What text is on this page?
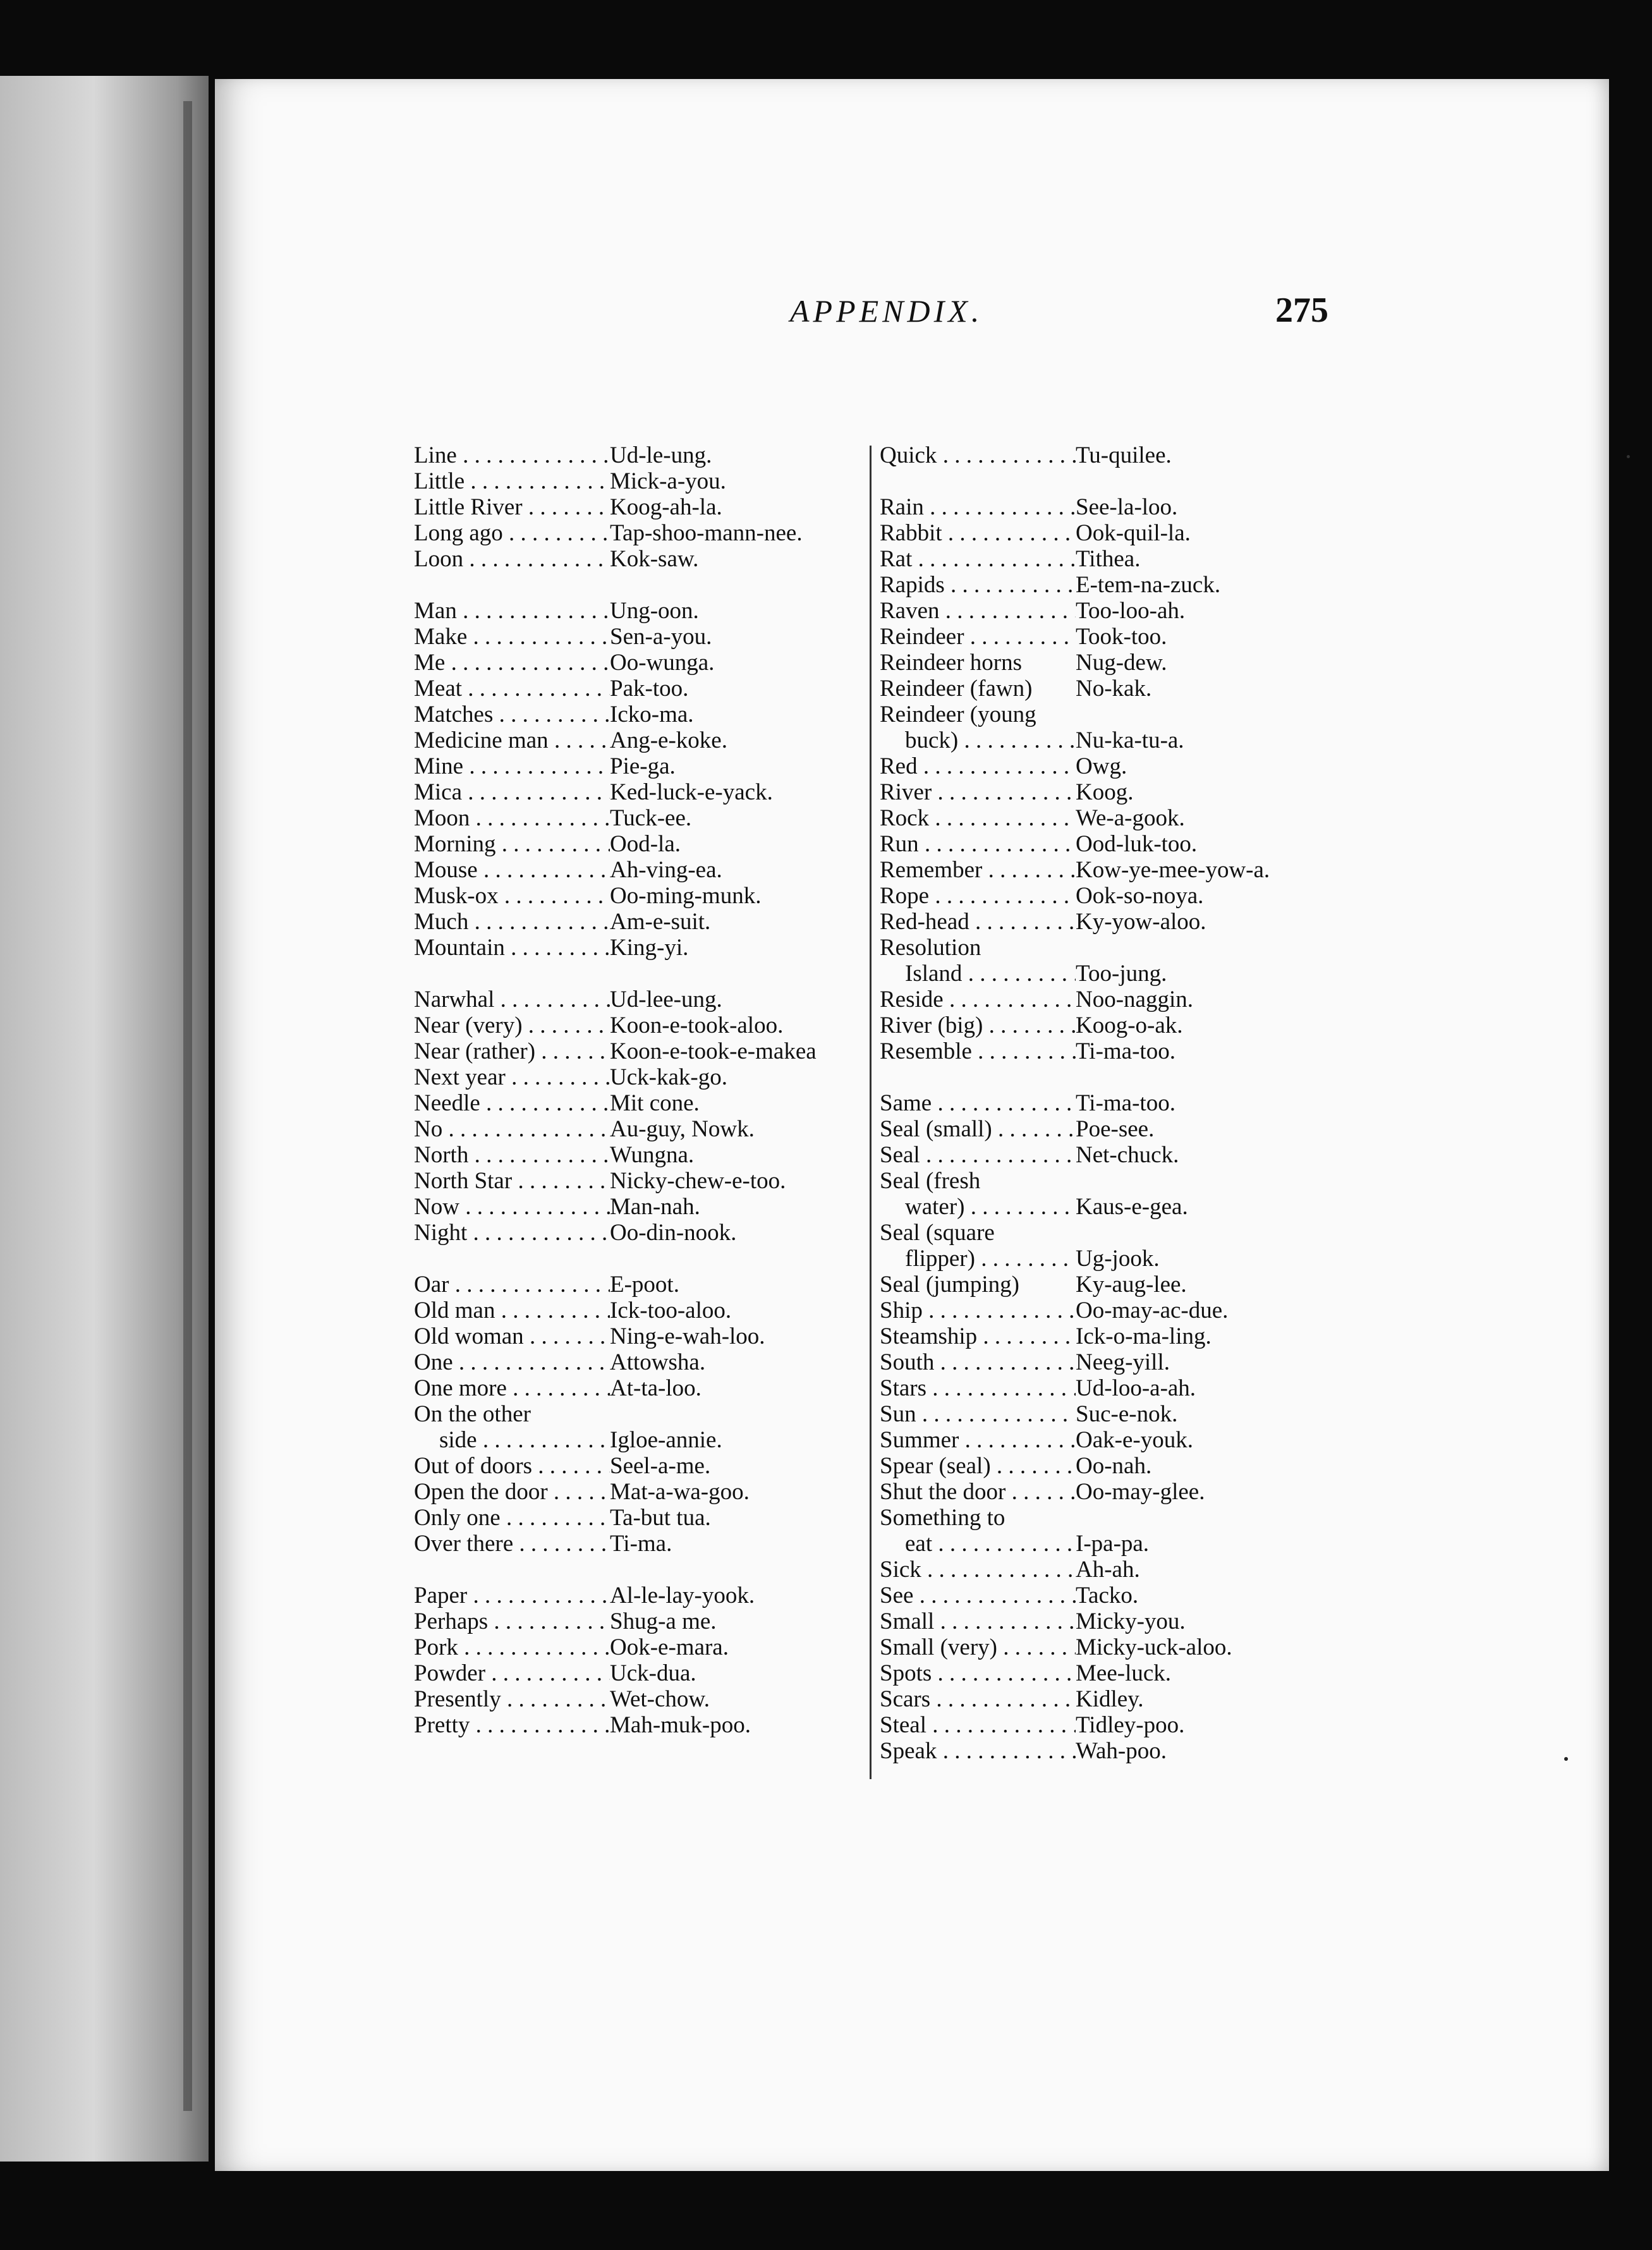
APPENDIX.	275
Line . . .	Ud-le-ung.
Little . . .	Mick-a-you.
Little River . . .	Koog-ah-la.
Long ago . . .	Tap-shoo-mann-nee.
Loon . . .	Kok-saw.
Man . . .	Ung-oon.
Make . . .	Sen-a-you.
Me . . .	Oo-wunga.
Meat . . .	Pak-too.
Matches . . .	Icko-ma.
Medicine man . . .	Ang-e-koke.
Mine . . .	Pie-ga.
Mica . . .	Ked-luck-e-yack.
Moon . . .	Tuck-ee.
Morning . . .	Ood-la.
Mouse . . .	Ah-ving-ea.
Musk-ox . . .	Oo-ming-munk.
Much . . .	Am-e-suit.
Mountain . . .	King-yi.
Narwhal . . .	Ud-lee-ung.
Near (very) . . .	Koon-e-took-aloo.
Near (rather) . . .	Koon-e-took-e-makea
Next year . . .	Uck-kak-go.
Needle . . .	Mit cone.
No . . .	Au-guy, Nowk.
North . . .	Wungna.
North Star . . .	Nicky-chew-e-too.
Now . . .	Man-nah.
Night . . .	Oo-din-nook.
Oar . . .	E-poot.
Old man . . .	Ick-too-aloo.
Old woman . . .	Ning-e-wah-loo.
One . . .	Attowsha.
One more . . .	At-ta-loo.
On the other
side . . .	Igloe-annie.
Out of doors . . .	Seel-a-me.
Open the door . . .	Mat-a-wa-goo.
Only one . . .	Ta-but tua.
Over there . . .	Ti-ma.
Paper . . .	Al-le-lay-yook.
Perhaps . . .	Shug-a me.
Pork . . .	Ook-e-mara.
Powder . . .	Uck-dua.
Presently . . .	Wet-chow.
Pretty . . .	Mah-muk-poo.
Quick . . .	Tu-quilee.
Rain . . .	See-la-loo.
Rabbit . . .	Ook-quil-la.
Rat . . .	Tithea.
Rapids . . .	E-tem-na-zuck.
Raven . . .	Too-loo-ah.
Reindeer . . .	Took-too.
Reindeer horns	Nug-dew.
Reindeer (fawn)	No-kak.
Reindeer (young
buck) . . .	Nu-ka-tu-a.
Red . . .	Owg.
River . . .	Koog.
Rock . . .	We-a-gook.
Run . . .	Ood-luk-too.
Remember . . .	Kow-ye-mee-yow-a.
Rope . . .	Ook-so-noya.
Red-head . . .	Ky-yow-aloo.
Resolution
Island . . .	Too-jung.
Reside . . .	Noo-naggin.
River (big) . . .	Koog-o-ak.
Resemble . . .	Ti-ma-too.
Same . . .	Ti-ma-too.
Seal (small) . . .	Poe-see.
Seal . . .	Net-chuck.
Seal (fresh
water) . . .	Kaus-e-gea.
Seal (square
flipper) . . .	Ug-jook.
Seal (jumping)	Ky-aug-lee.
Ship . . .	Oo-may-ac-due.
Steamship . . .	Ick-o-ma-ling.
South . . .	Neeg-yill.
Stars . . .	Ud-loo-a-ah.
Sun . . .	Suc-e-nok.
Summer . . .	Oak-e-youk.
Spear (seal) . . .	Oo-nah.
Shut the door . . .	Oo-may-glee.
Something to
eat . . .	I-pa-pa.
Sick . . .	Ah-ah.
See . . .	Tacko.
Small . . .	Micky-you.
Small (very) . . .	Micky-uck-aloo.
Spots . . .	Mee-luck.
Scars . . .	Kidley.
Steal . . .	Tidley-poo.
Speak . . .	Wah-poo.
